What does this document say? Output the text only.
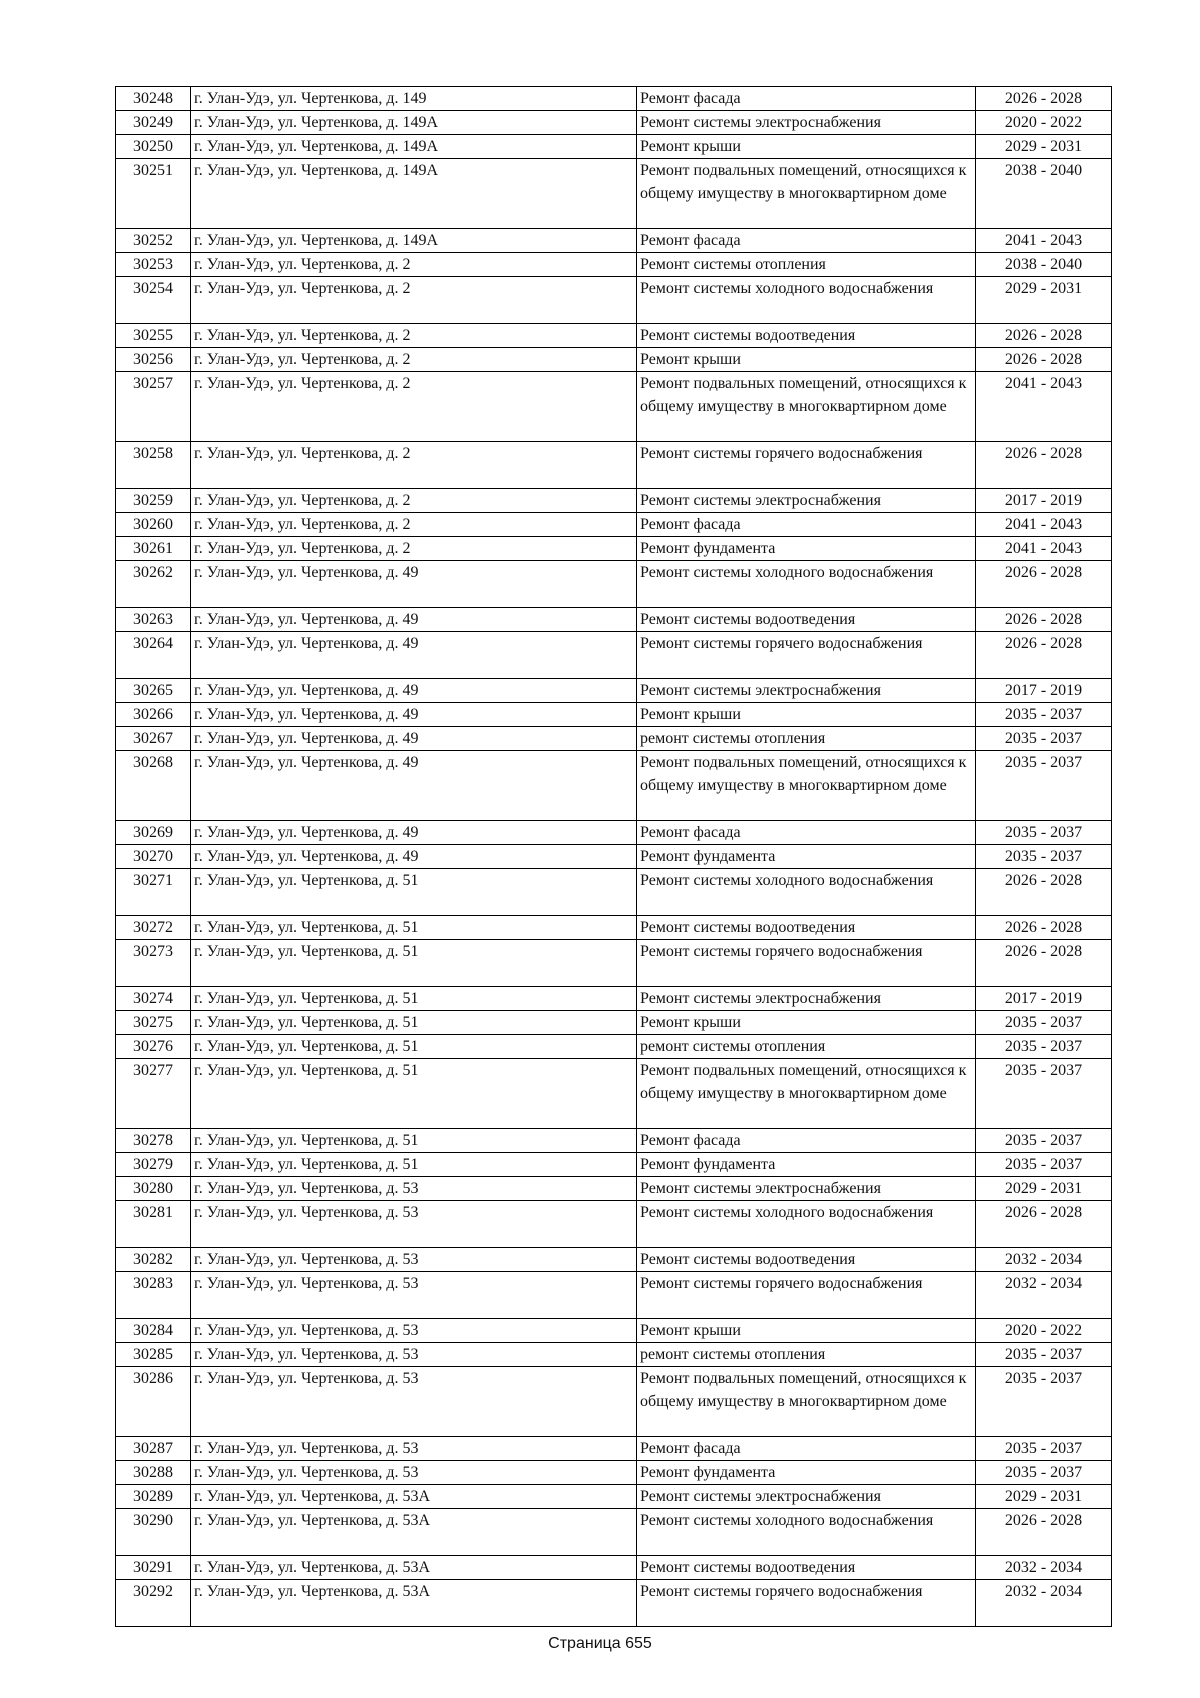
30248	г. Улан-Удэ, ул. Чертенкова, д. 149	Ремонт фасада	2026 - 2028
30249	г. Улан-Удэ, ул. Чертенкова, д. 149А	Ремонт системы электроснабжения	2020 - 2022
30250	г. Улан-Удэ, ул. Чертенкова, д. 149А	Ремонт крыши	2029 - 2031
30251	г. Улан-Удэ, ул. Чертенкова, д. 149А	Ремонт подвальных помещений, относящихся к общему имуществу в многоквартирном доме	2038 - 2040
30252	г. Улан-Удэ, ул. Чертенкова, д. 149А	Ремонт фасада	2041 - 2043
30253	г. Улан-Удэ, ул. Чертенкова, д. 2	Ремонт системы отопления	2038 - 2040
30254	г. Улан-Удэ, ул. Чертенкова, д. 2	Ремонт системы холодного водоснабжения	2029 - 2031
30255	г. Улан-Удэ, ул. Чертенкова, д. 2	Ремонт системы водоотведения	2026 - 2028
30256	г. Улан-Удэ, ул. Чертенкова, д. 2	Ремонт крыши	2026 - 2028
30257	г. Улан-Удэ, ул. Чертенкова, д. 2	Ремонт подвальных помещений, относящихся к общему имуществу в многоквартирном доме	2041 - 2043
30258	г. Улан-Удэ, ул. Чертенкова, д. 2	Ремонт системы горячего водоснабжения	2026 - 2028
30259	г. Улан-Удэ, ул. Чертенкова, д. 2	Ремонт системы электроснабжения	2017 - 2019
30260	г. Улан-Удэ, ул. Чертенкова, д. 2	Ремонт фасада	2041 - 2043
30261	г. Улан-Удэ, ул. Чертенкова, д. 2	Ремонт фундамента	2041 - 2043
30262	г. Улан-Удэ, ул. Чертенкова, д. 49	Ремонт системы холодного водоснабжения	2026 - 2028
30263	г. Улан-Удэ, ул. Чертенкова, д. 49	Ремонт системы водоотведения	2026 - 2028
30264	г. Улан-Удэ, ул. Чертенкова, д. 49	Ремонт системы горячего водоснабжения	2026 - 2028
30265	г. Улан-Удэ, ул. Чертенкова, д. 49	Ремонт системы электроснабжения	2017 - 2019
30266	г. Улан-Удэ, ул. Чертенкова, д. 49	Ремонт крыши	2035 - 2037
30267	г. Улан-Удэ, ул. Чертенкова, д. 49	ремонт системы отопления	2035 - 2037
30268	г. Улан-Удэ, ул. Чертенкова, д. 49	Ремонт подвальных помещений, относящихся к общему имуществу в многоквартирном доме	2035 - 2037
30269	г. Улан-Удэ, ул. Чертенкова, д. 49	Ремонт фасада	2035 - 2037
30270	г. Улан-Удэ, ул. Чертенкова, д. 49	Ремонт фундамента	2035 - 2037
30271	г. Улан-Удэ, ул. Чертенкова, д. 51	Ремонт системы холодного водоснабжения	2026 - 2028
30272	г. Улан-Удэ, ул. Чертенкова, д. 51	Ремонт системы водоотведения	2026 - 2028
30273	г. Улан-Удэ, ул. Чертенкова, д. 51	Ремонт системы горячего водоснабжения	2026 - 2028
30274	г. Улан-Удэ, ул. Чертенкова, д. 51	Ремонт системы электроснабжения	2017 - 2019
30275	г. Улан-Удэ, ул. Чертенкова, д. 51	Ремонт крыши	2035 - 2037
30276	г. Улан-Удэ, ул. Чертенкова, д. 51	ремонт системы отопления	2035 - 2037
30277	г. Улан-Удэ, ул. Чертенкова, д. 51	Ремонт подвальных помещений, относящихся к общему имуществу в многоквартирном доме	2035 - 2037
30278	г. Улан-Удэ, ул. Чертенкова, д. 51	Ремонт фасада	2035 - 2037
30279	г. Улан-Удэ, ул. Чертенкова, д. 51	Ремонт фундамента	2035 - 2037
30280	г. Улан-Удэ, ул. Чертенкова, д. 53	Ремонт системы электроснабжения	2029 - 2031
30281	г. Улан-Удэ, ул. Чертенкова, д. 53	Ремонт системы холодного водоснабжения	2026 - 2028
30282	г. Улан-Удэ, ул. Чертенкова, д. 53	Ремонт системы водоотведения	2032 - 2034
30283	г. Улан-Удэ, ул. Чертенкова, д. 53	Ремонт системы горячего водоснабжения	2032 - 2034
30284	г. Улан-Удэ, ул. Чертенкова, д. 53	Ремонт крыши	2020 - 2022
30285	г. Улан-Удэ, ул. Чертенкова, д. 53	ремонт системы отопления	2035 - 2037
30286	г. Улан-Удэ, ул. Чертенкова, д. 53	Ремонт подвальных помещений, относящихся к общему имуществу в многоквартирном доме	2035 - 2037
30287	г. Улан-Удэ, ул. Чертенкова, д. 53	Ремонт фасада	2035 - 2037
30288	г. Улан-Удэ, ул. Чертенкова, д. 53	Ремонт фундамента	2035 - 2037
30289	г. Улан-Удэ, ул. Чертенкова, д. 53А	Ремонт системы электроснабжения	2029 - 2031
30290	г. Улан-Удэ, ул. Чертенкова, д. 53А	Ремонт системы холодного водоснабжения	2026 - 2028
30291	г. Улан-Удэ, ул. Чертенкова, д. 53А	Ремонт системы водоотведения	2032 - 2034
30292	г. Улан-Удэ, ул. Чертенкова, д. 53А	Ремонт системы горячего водоснабжения	2032 - 2034
Страница 655
